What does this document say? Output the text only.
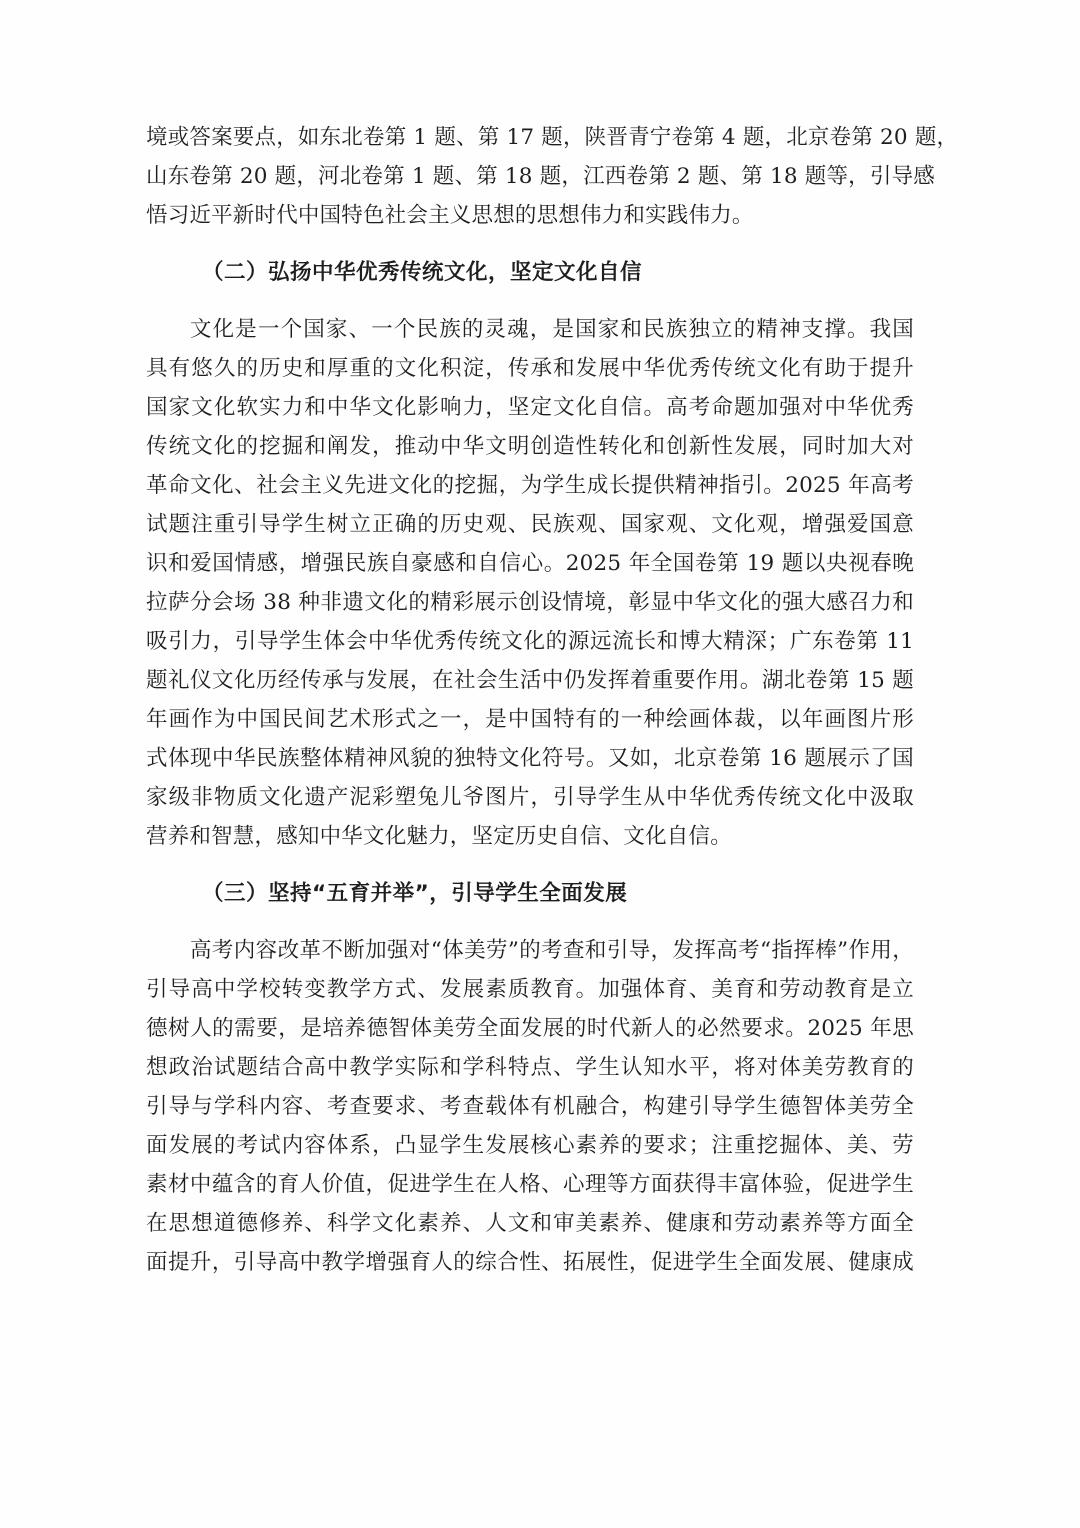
境或答案要点，如东北卷第 1 题、第 17 题，陕晋青宁卷第 4 题，北京卷第 20 题，
山东卷第 20 题，河北卷第 1 题、第 18 题，江西卷第 2 题、第 18 题等，引导感
悟习近平新时代中国特色社会主义思想的思想伟力和实践伟力。
（二）弘扬中华优秀传统文化，坚定文化自信
文化是一个国家、一个民族的灵魂，是国家和民族独立的精神支撑。我国
具有悠久的历史和厚重的文化积淀，传承和发展中华优秀传统文化有助于提升
国家文化软实力和中华文化影响力，坚定文化自信。高考命题加强对中华优秀
传统文化的挖掘和阐发，推动中华文明创造性转化和创新性发展，同时加大对
革命文化、社会主义先进文化的挖掘，为学生成长提供精神指引。2025 年高考
试题注重引导学生树立正确的历史观、民族观、国家观、文化观，增强爱国意
识和爱国情感，增强民族自豪感和自信心。2025 年全国卷第 19 题以央视春晚
拉萨分会场 38 种非遗文化的精彩展示创设情境，彰显中华文化的强大感召力和
吸引力，引导学生体会中华优秀传统文化的源远流长和博大精深；广东卷第 11
题礼仪文化历经传承与发展，在社会生活中仍发挥着重要作用。湖北卷第 15 题
年画作为中国民间艺术形式之一，是中国特有的一种绘画体裁，以年画图片形
式体现中华民族整体精神风貌的独特文化符号。又如，北京卷第 16 题展示了国
家级非物质文化遗产泥彩塑兔儿爷图片，引导学生从中华优秀传统文化中汲取
营养和智慧，感知中华文化魅力，坚定历史自信、文化自信。
（三）坚持“五育并举”，引导学生全面发展
高考内容改革不断加强对“体美劳”的考查和引导，发挥高考“指挥棒”作用，
引导高中学校转变教学方式、发展素质教育。加强体育、美育和劳动教育是立
德树人的需要，是培养德智体美劳全面发展的时代新人的必然要求。2025 年思
想政治试题结合高中教学实际和学科特点、学生认知水平，将对体美劳教育的
引导与学科内容、考查要求、考查载体有机融合，构建引导学生德智体美劳全
面发展的考试内容体系，凸显学生发展核心素养的要求；注重挖掘体、美、劳
素材中蕴含的育人价值，促进学生在人格、心理等方面获得丰富体验，促进学生
在思想道德修养、科学文化素养、人文和审美素养、健康和劳动素养等方面全
面提升，引导高中教学增强育人的综合性、拓展性，促进学生全面发展、健康成
